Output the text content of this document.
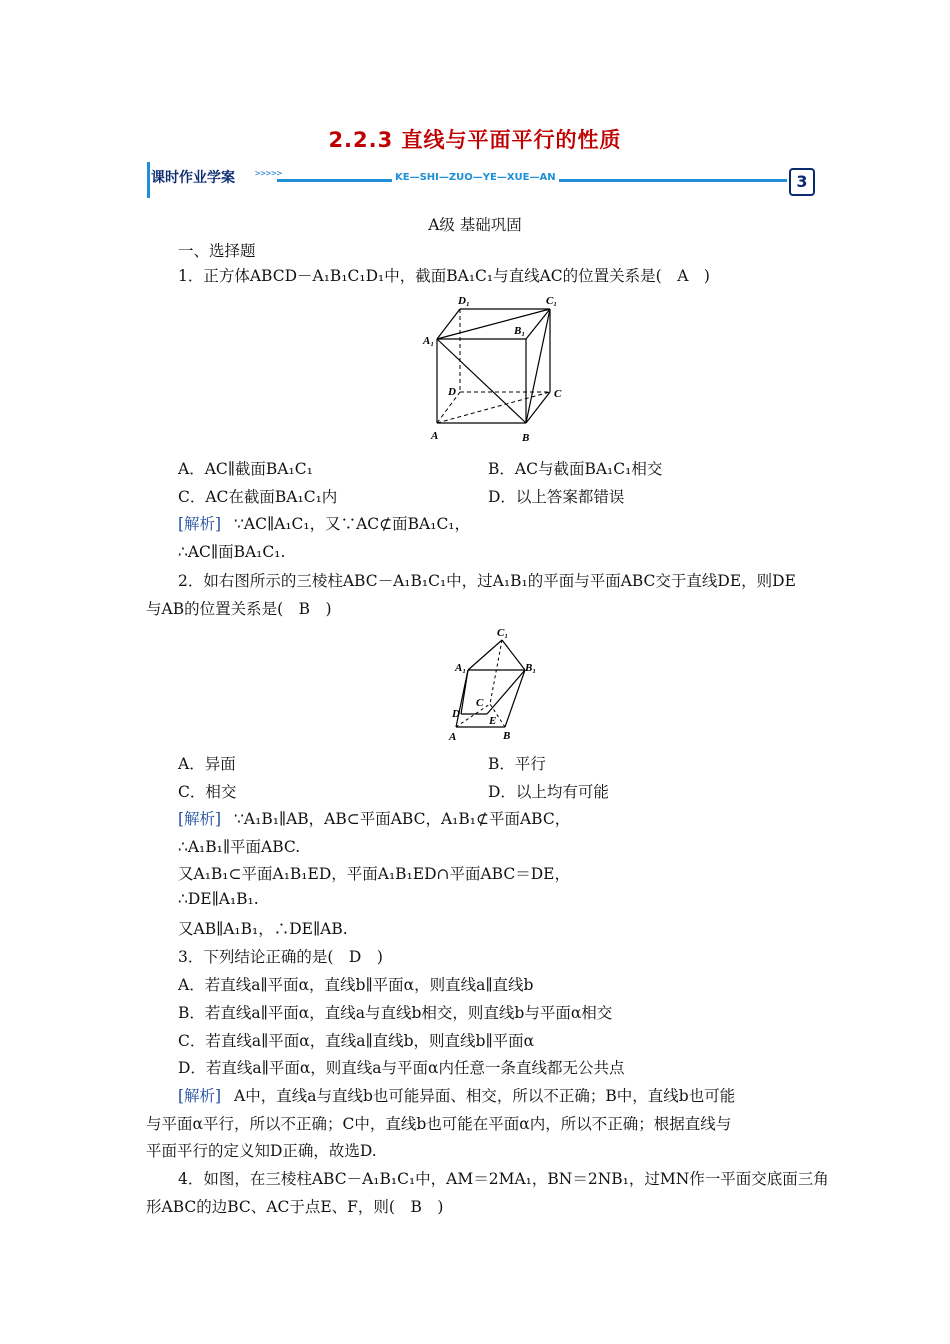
2.2.3 直线与平面平行的性质
课时作业学案 >>>>>	KE—SHI—ZUO—YE—XUE—AN	3
A级 基础巩固
一、选择题
1．正方体ABCD－A₁B₁C₁D₁中，截面BA₁C₁与直线AC的位置关系是(　A　)
D₁	C₁
B₁
A₁
D	C
A	B
A．AC∥截面BA₁C₁	B．AC与截面BA₁C₁相交
C．AC在截面BA₁C₁内	D．以上答案都错误
[解析] ∵AC∥A₁C₁，又∵AC⊄面BA₁C₁，
∴AC∥面BA₁C₁.
2．如右图所示的三棱柱ABC－A₁B₁C₁中，过A₁B₁的平面与平面ABC交于直线DE，则DE
与AB的位置关系是(　B　)
C₁
A₁	B₁
C
D
E
A	B
A．异面	B．平行
C．相交	D．以上均有可能
[解析] ∵A₁B₁∥AB，AB⊂平面ABC，A₁B₁⊄平面ABC，
∴A₁B₁∥平面ABC.
又A₁B₁⊂平面A₁B₁ED，平面A₁B₁ED∩平面ABC＝DE，
∴DE∥A₁B₁.
又AB∥A₁B₁，∴DE∥AB.
3．下列结论正确的是(　D　)
A．若直线a∥平面α，直线b∥平面α，则直线a∥直线b
B．若直线a∥平面α，直线a与直线b相交，则直线b与平面α相交
C．若直线a∥平面α，直线a∥直线b，则直线b∥平面α
D．若直线a∥平面α，则直线a与平面α内任意一条直线都无公共点
[解析] A中，直线a与直线b也可能异面、相交，所以不正确；B中，直线b也可能
与平面α平行，所以不正确；C中，直线b也可能在平面α内，所以不正确；根据直线与
平面平行的定义知D正确，故选D.
4．如图，在三棱柱ABC－A₁B₁C₁中，AM＝2MA₁，BN＝2NB₁，过MN作一平面交底面三角
形ABC的边BC、AC于点E、F，则(　B　)
